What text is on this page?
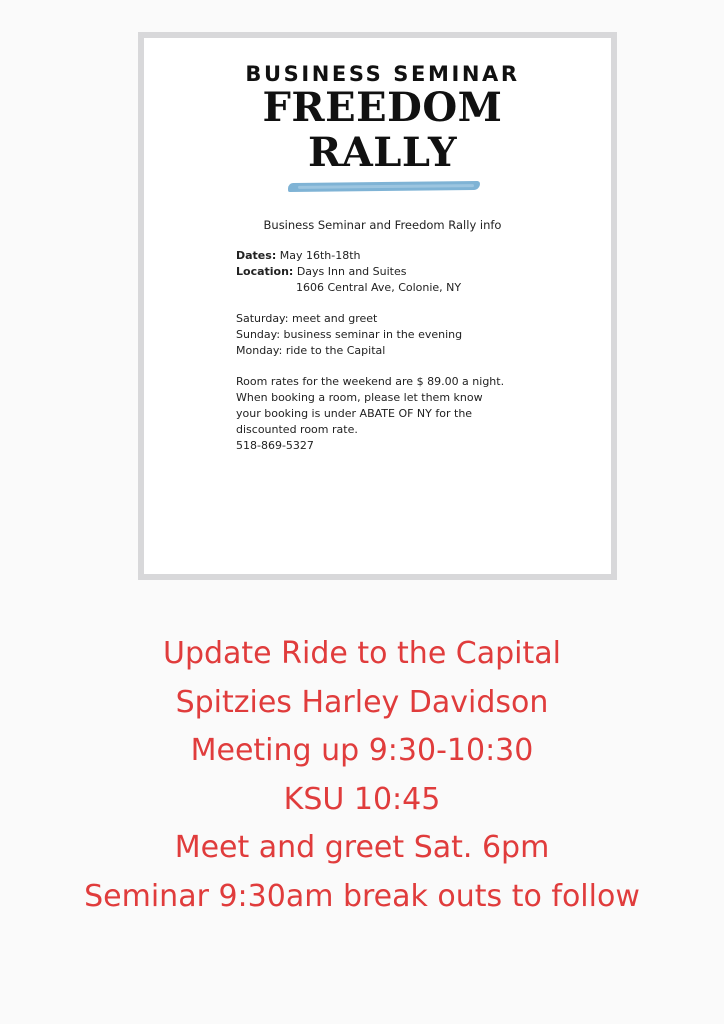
BUSINESS SEMINAR
FREEDOM
RALLY
Business Seminar and Freedom Rally info
Dates: May 16th-18th
Location: Days Inn and Suites
1606 Central Ave, Colonie, NY
Saturday: meet and greet
Sunday: business seminar in the evening
Monday: ride to the Capital
Room rates for the weekend are $ 89.00 a night.
When booking a room, please let them know
your booking is under ABATE OF NY for the
discounted room rate.
518-869-5327
Update Ride to the Capital
Spitzies Harley Davidson
Meeting up 9:30-10:30
KSU 10:45
Meet and greet Sat. 6pm
Seminar 9:30am break outs to follow
